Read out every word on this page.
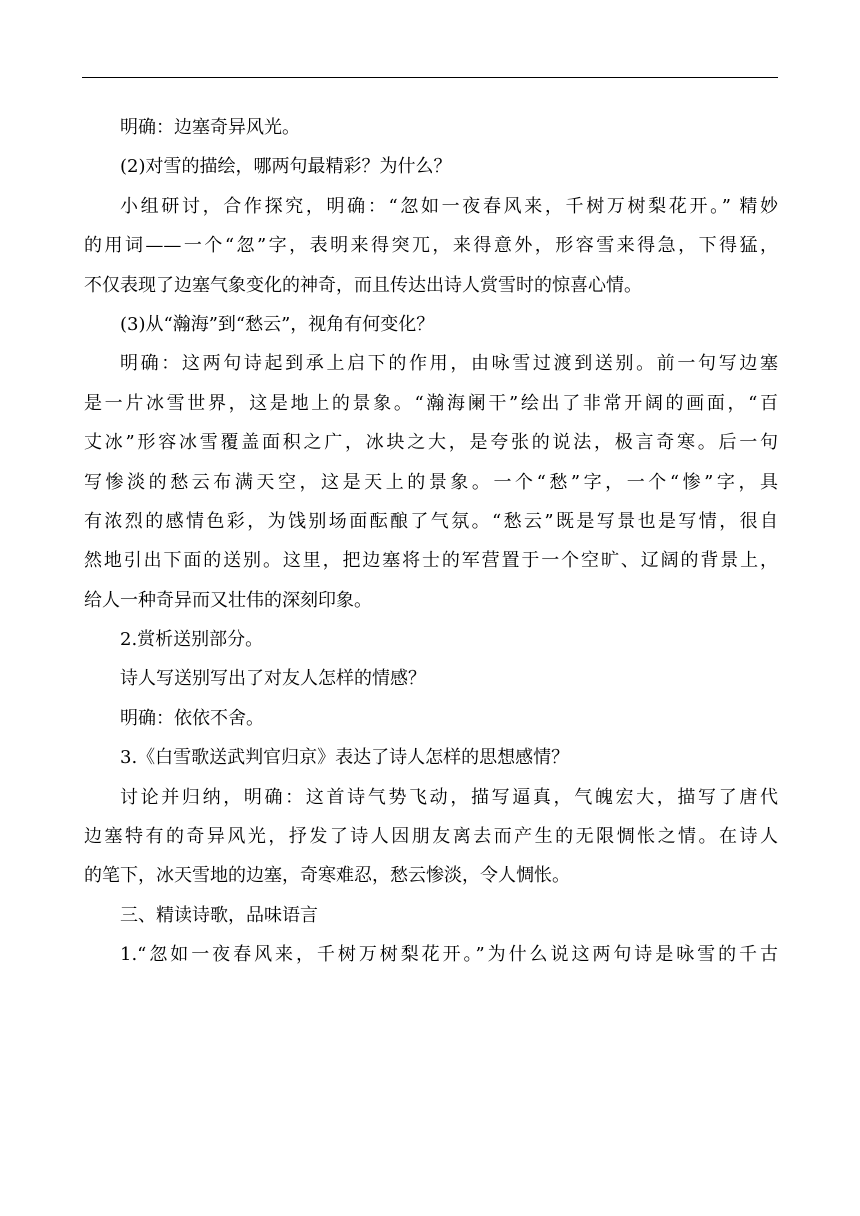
明确：边塞奇异风光。
(2)对雪的描绘，哪两句最精彩？为什么？
小组研讨，合作探究，明确：“忽如一夜春风来，千树万树梨花开。” 精妙
的用词——一个“忽”字，表明来得突兀，来得意外，形容雪来得急，下得猛，
不仅表现了边塞气象变化的神奇，而且传达出诗人赏雪时的惊喜心情。
(3)从“瀚海”到“愁云”，视角有何变化？
明确：这两句诗起到承上启下的作用，由咏雪过渡到送别。前一句写边塞
是一片冰雪世界，这是地上的景象。“瀚海阑干”绘出了非常开阔的画面，“百
丈冰”形容冰雪覆盖面积之广，冰块之大，是夸张的说法，极言奇寒。后一句
写惨淡的愁云布满天空，这是天上的景象。一个“愁”字，一个“惨”字，具
有浓烈的感情色彩，为饯别场面酝酿了气氛。“愁云”既是写景也是写情，很自
然地引出下面的送别。这里，把边塞将士的军营置于一个空旷、辽阔的背景上，
给人一种奇异而又壮伟的深刻印象。
2.赏析送别部分。
诗人写送别写出了对友人怎样的情感？
明确：依依不舍。
3.《白雪歌送武判官归京》表达了诗人怎样的思想感情？
讨论并归纳，明确：这首诗气势飞动，描写逼真，气魄宏大，描写了唐代
边塞特有的奇异风光，抒发了诗人因朋友离去而产生的无限惆怅之情。在诗人
的笔下，冰天雪地的边塞，奇寒难忍，愁云惨淡，令人惆怅。
三、精读诗歌，品味语言
1.“忽如一夜春风来，千树万树梨花开。”为什么说这两句诗是咏雪的千古
